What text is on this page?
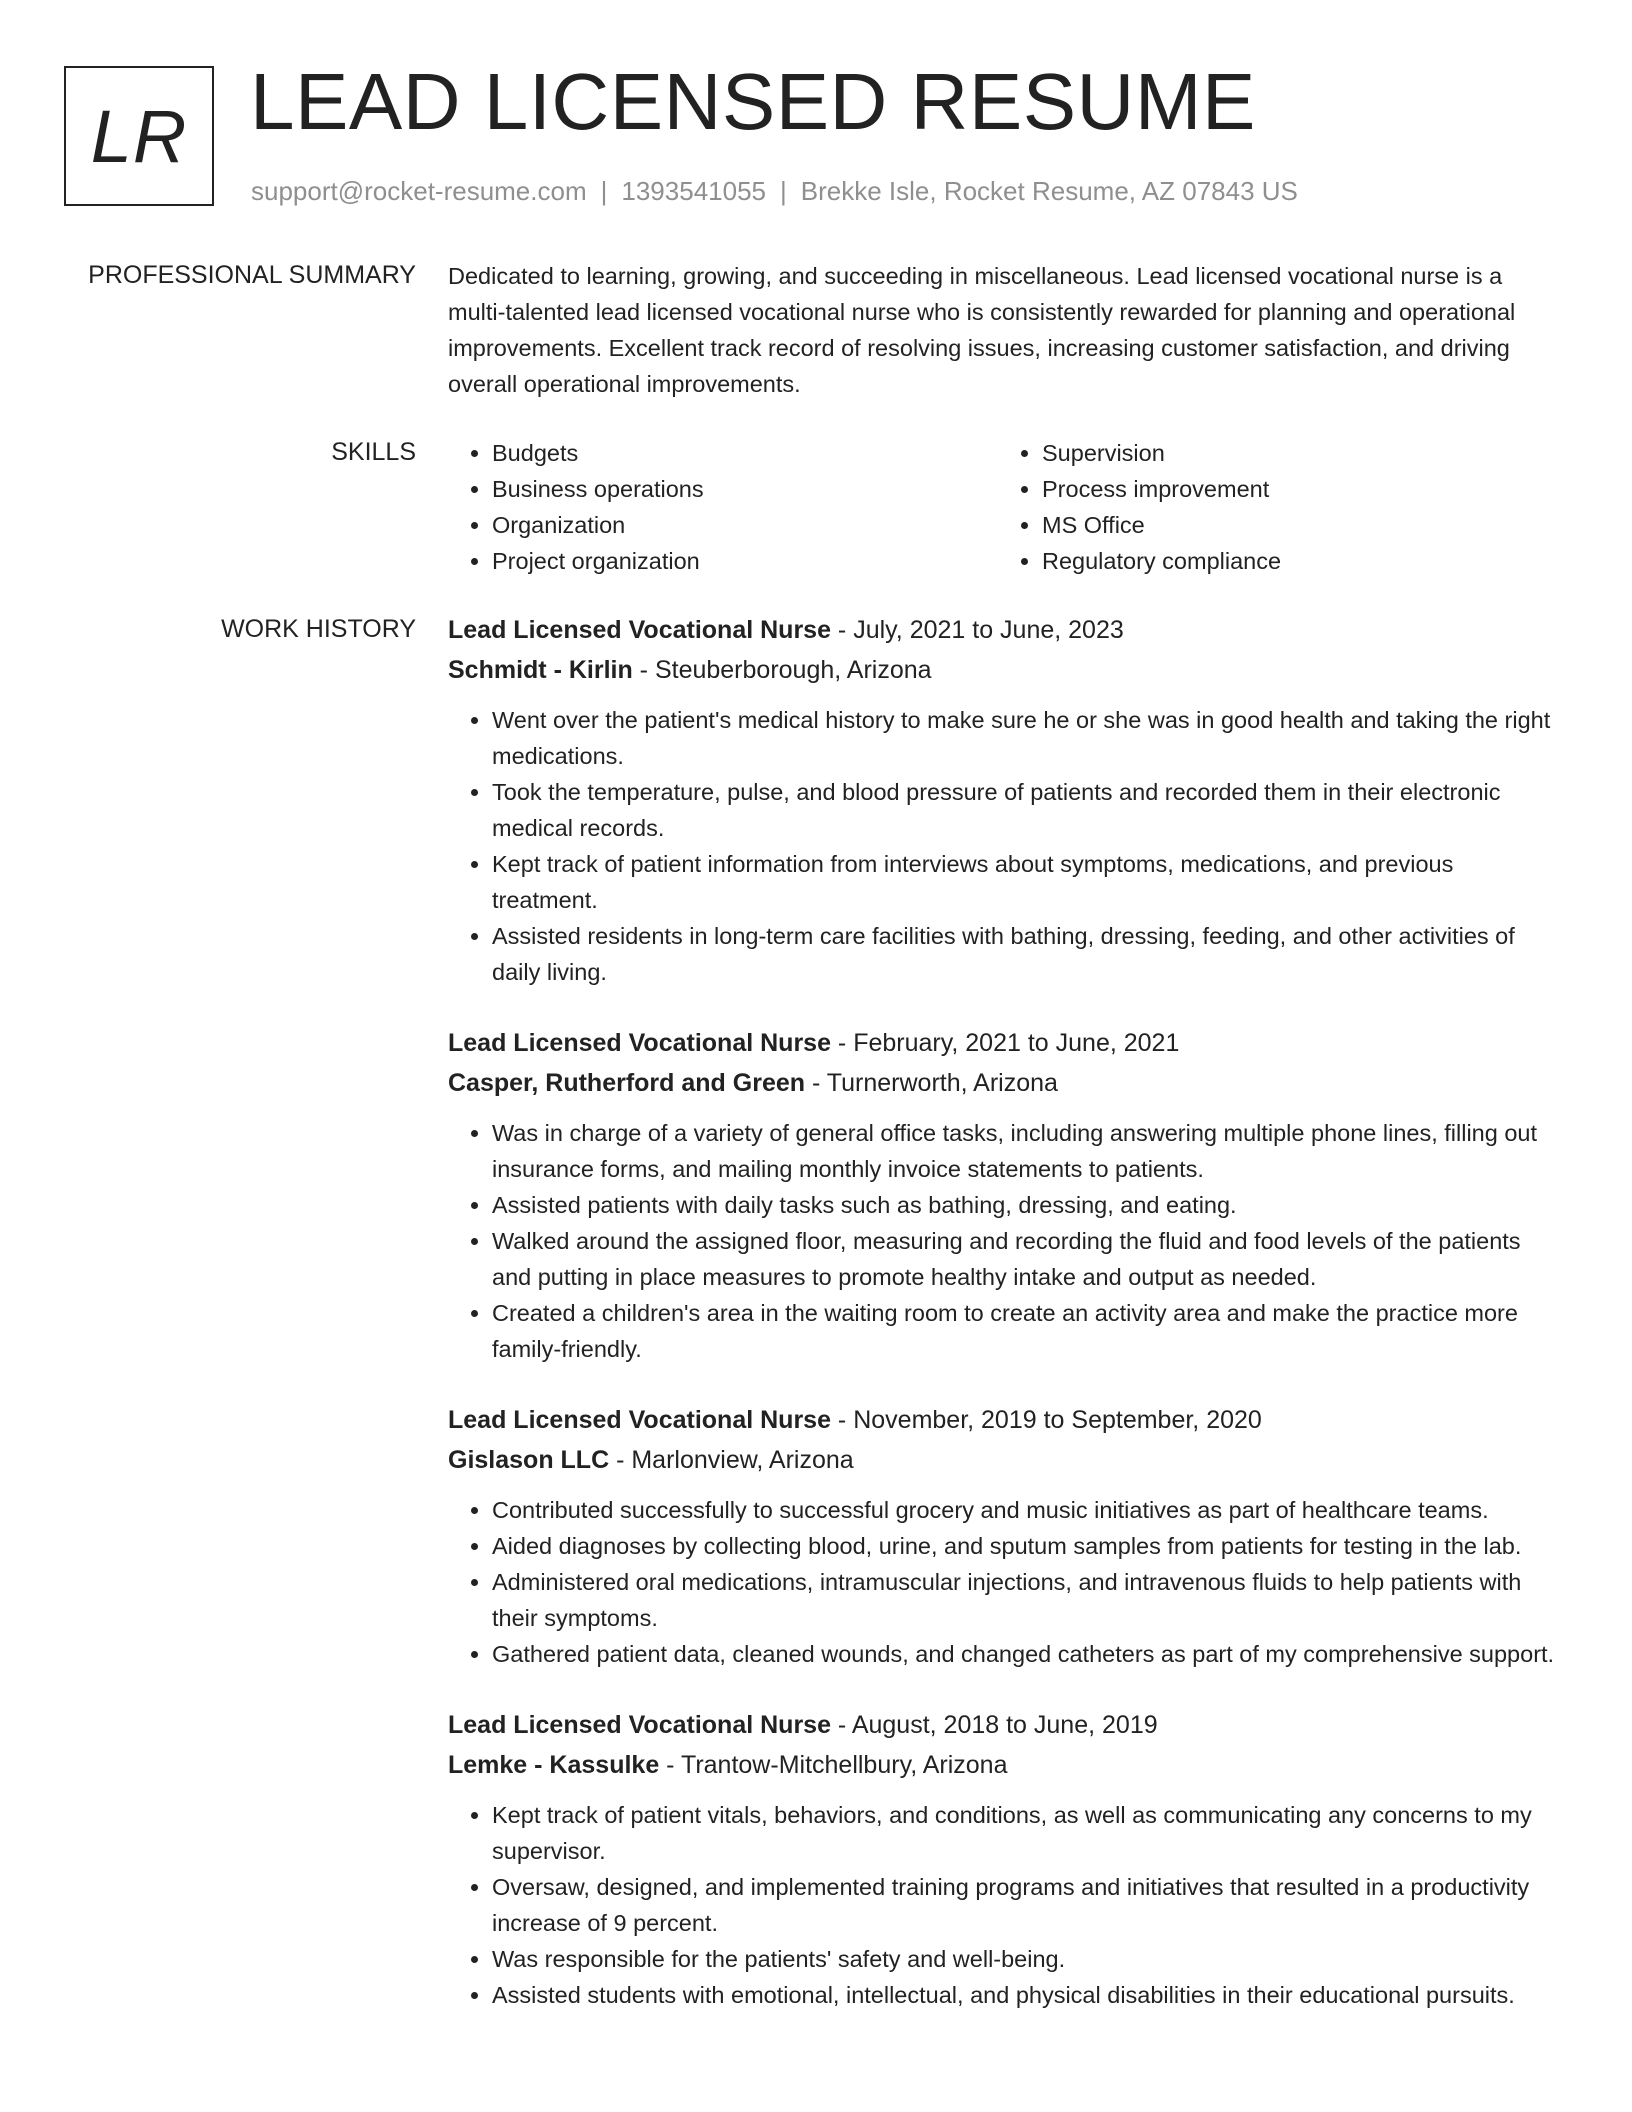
LR LEAD LICENSED RESUME
support@rocket-resume.com | 1393541055 | Brekke Isle, Rocket Resume, AZ 07843 US
PROFESSIONAL SUMMARY Dedicated to learning, growing, and succeeding in miscellaneous. Lead licensed vocational nurse is a multi-talented lead licensed vocational nurse who is consistently rewarded for planning and operational improvements. Excellent track record of resolving issues, increasing customer satisfaction, and driving overall operational improvements.

SKILLS
•	Budgets
• Business operations
• Organization
• Project organization
• Supervision
• Process improvement
• MS Office
• Regulatory compliance
WORK HISTORY Lead Licensed Vocational Nurse - July, 2021 to June, 2023
Schmidt - Kirlin - Steuberborough, Arizona
• Went over the patient's medical history to make sure he or she was in good health and taking the right medications.
• Took the temperature, pulse, and blood pressure of patients and recorded them in their electronic medical records.
• Kept track of patient information from interviews about symptoms, medications, and previous treatment.
• Assisted residents in long-term care facilities with bathing, dressing, feeding, and other activities of daily living.
Lead Licensed Vocational Nurse - February, 2021 to June, 2021
Casper, Rutherford and Green - Turnerworth, Arizona
• Was in charge of a variety of general office tasks, including answering multiple phone lines, filling out insurance forms, and mailing monthly invoice statements to patients.
• Assisted patients with daily tasks such as bathing, dressing, and eating.
• Walked around the assigned floor, measuring and recording the fluid and food levels of the patients and putting in place measures to promote healthy intake and output as needed.
• Created a children's area in the waiting room to create an activity area and make the practice more family-friendly.
Lead Licensed Vocational Nurse - November, 2019 to September, 2020
Gislason LLC - Marlonview, Arizona
• Contributed successfully to successful grocery and music initiatives as part of healthcare teams.
• Aided diagnoses by collecting blood, urine, and sputum samples from patients for testing in the lab.
• Administered oral medications, intramuscular injections, and intravenous fluids to help patients with their symptoms.
• Gathered patient data, cleaned wounds, and changed catheters as part of my comprehensive support.
Lead Licensed Vocational Nurse - August, 2018 to June, 2019
Lemke - Kassulke - Trantow-Mitchellbury, Arizona
• Kept track of patient vitals, behaviors, and conditions, as well as communicating any concerns to my supervisor.
• Oversaw, designed, and implemented training programs and initiatives that resulted in a productivity increase of 9 percent.
• Was responsible for the patients' safety and well-being.
• Assisted students with emotional, intellectual, and physical disabilities in their educational pursuits.
